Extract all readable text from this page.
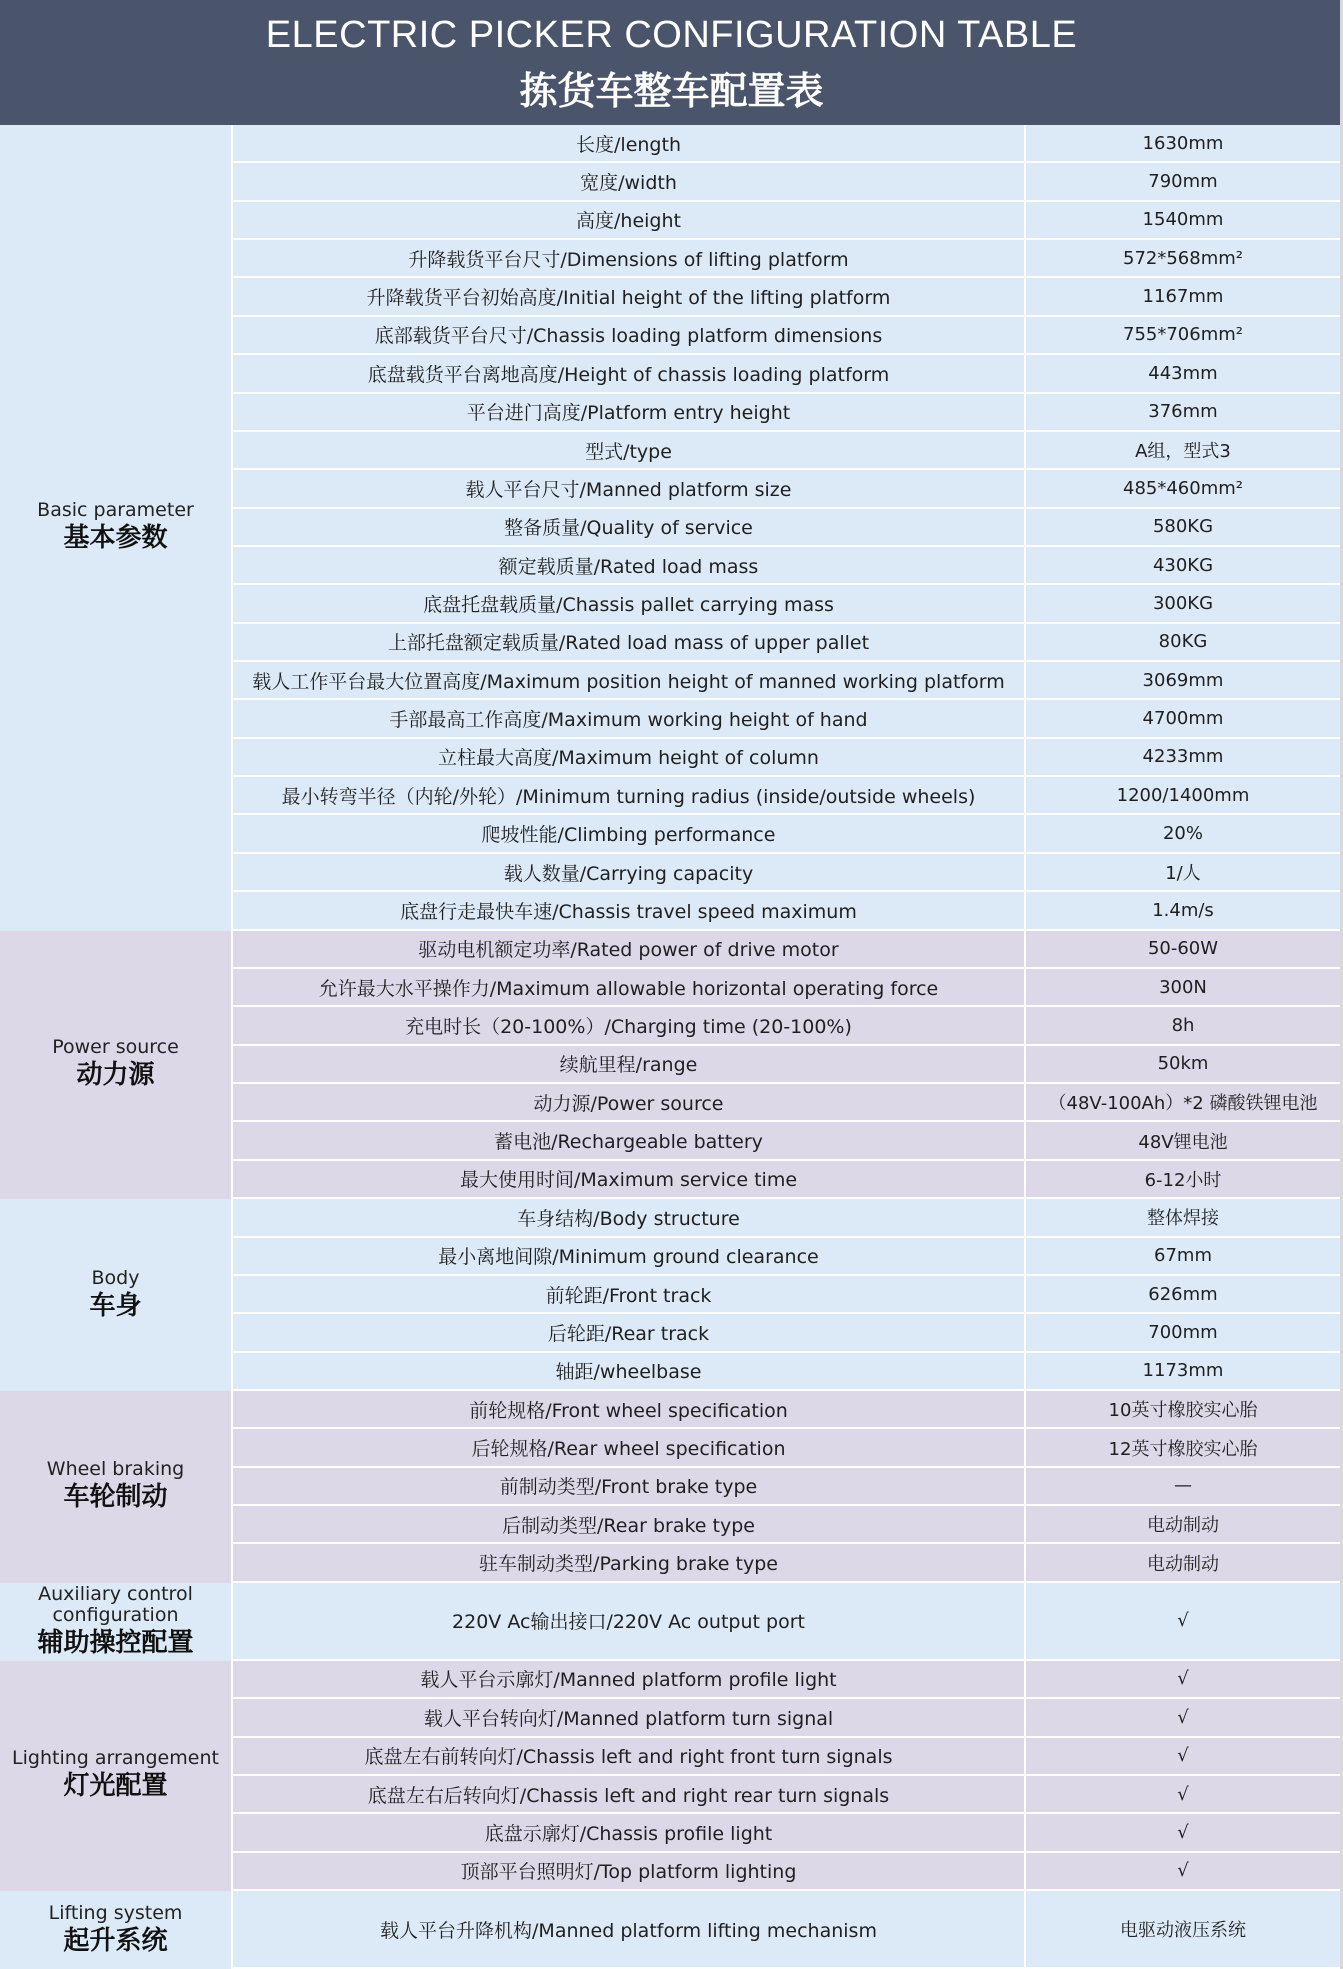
ELECTRIC PICKER CONFIGURATION TABLE
拣货车整车配置表
Basic parameter
基本参数
长度/length	1630mm
宽度/width	790mm
高度/height	1540mm
升降载货平台尺寸/Dimensions of lifting platform	572*568mm²
升降载货平台初始高度/Initial height of the lifting platform	1167mm
底部载货平台尺寸/Chassis loading platform dimensions	755*706mm²
底盘载货平台离地高度/Height of chassis loading platform	443mm
平台进门高度/Platform entry height	376mm
型式/type	A组，型式3
载人平台尺寸/Manned platform size	485*460mm²
整备质量/Quality of service	580KG
额定载质量/Rated load mass	430KG
底盘托盘载质量/Chassis pallet carrying mass	300KG
上部托盘额定载质量/Rated load mass of upper pallet	80KG
载人工作平台最大位置高度/Maximum position height of manned working platform	3069mm
手部最高工作高度/Maximum working height of hand	4700mm
立柱最大高度/Maximum height of column	4233mm
最小转弯半径（内轮/外轮）/Minimum turning radius (inside/outside wheels)	1200/1400mm
爬坡性能/Climbing performance	20%
载人数量/Carrying capacity	1/人
底盘行走最快车速/Chassis travel speed maximum	1.4m/s
Power source
动力源
驱动电机额定功率/Rated power of drive motor	50-60W
允许最大水平操作力/Maximum allowable horizontal operating force	300N
充电时长（20-100%）/Charging time (20-100%)	8h
续航里程/range	50km
动力源/Power source	（48V-100Ah）*2 磷酸铁锂电池
蓄电池/Rechargeable battery	48V锂电池
最大使用时间/Maximum service time	6-12小时
Body
车身
车身结构/Body structure	整体焊接
最小离地间隙/Minimum ground clearance	67mm
前轮距/Front track	626mm
后轮距/Rear track	700mm
轴距/wheelbase	1173mm
Wheel braking
车轮制动
前轮规格/Front wheel specification	10英寸橡胶实心胎
后轮规格/Rear wheel specification	12英寸橡胶实心胎
前制动类型/Front brake type	—
后制动类型/Rear brake type	电动制动
驻车制动类型/Parking brake type	电动制动
Auxiliary control configuration
辅助操控配置
220V Ac输出接口/220V Ac output port	√
Lighting arrangement
灯光配置
载人平台示廓灯/Manned platform profile light	√
载人平台转向灯/Manned platform turn signal	√
底盘左右前转向灯/Chassis left and right front turn signals	√
底盘左右后转向灯/Chassis left and right rear turn signals	√
底盘示廓灯/Chassis profile light	√
顶部平台照明灯/Top platform lighting	√
Lifting system
起升系统	载人平台升降机构/Manned platform lifting mechanism	电驱动液压系统
